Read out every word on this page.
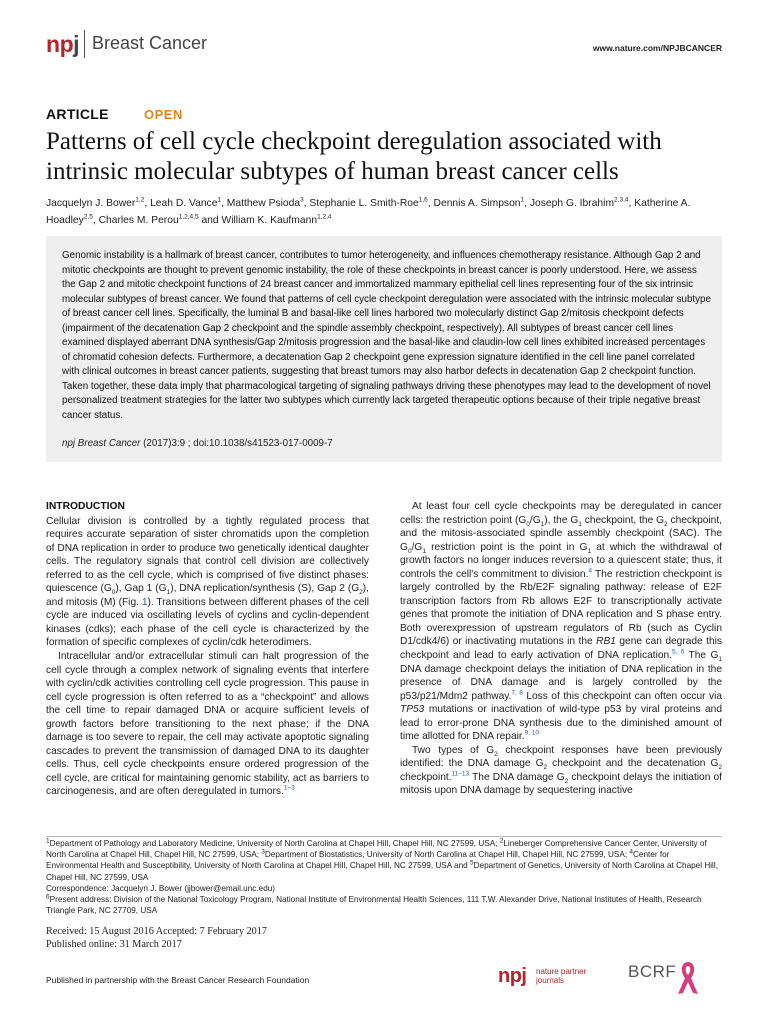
npj Breast Cancer	www.nature.com/NPJBCANCER
ARTICLE	OPEN
Patterns of cell cycle checkpoint deregulation associated with intrinsic molecular subtypes of human breast cancer cells
Jacquelyn J. Bower$^{1,2}$, Leah D. Vance$^1$, Matthew Psioda$^3$, Stephanie L. Smith-Roe$^{1,6}$, Dennis A. Simpson$^1$, Joseph G. Ibrahim$^{2,3,4}$, Katherine A. Hoadley$^{2,5}$, Charles M. Perou$^{1,2,4,5}$ and William K. Kaufmann$^{1,2,4}$
Genomic instability is a hallmark of breast cancer, contributes to tumor heterogeneity, and influences chemotherapy resistance. Although Gap 2 and mitotic checkpoints are thought to prevent genomic instability, the role of these checkpoints in breast cancer is poorly understood. Here, we assess the Gap 2 and mitotic checkpoint functions of 24 breast cancer and immortalized mammary epithelial cell lines representing four of the six intrinsic molecular subtypes of breast cancer. We found that patterns of cell cycle checkpoint deregulation were associated with the intrinsic molecular subtype of breast cancer cell lines. Specifically, the luminal B and basal-like cell lines harbored two molecularly distinct Gap 2/mitosis checkpoint defects (impairment of the decatenation Gap 2 checkpoint and the spindle assembly checkpoint, respectively). All subtypes of breast cancer cell lines examined displayed aberrant DNA synthesis/Gap 2/mitosis progression and the basal-like and claudin-low cell lines exhibited increased percentages of chromatid cohesion defects. Furthermore, a decatenation Gap 2 checkpoint gene expression signature identified in the cell line panel correlated with clinical outcomes in breast cancer patients, suggesting that breast tumors may also harbor defects in decatenation Gap 2 checkpoint function. Taken together, these data imply that pharmacological targeting of signaling pathways driving these phenotypes may lead to the development of novel personalized treatment strategies for the latter two subtypes which currently lack targeted therapeutic options because of their triple negative breast cancer status.
npj Breast Cancer (2017)3:9 ; doi:10.1038/s41523-017-0009-7
INTRODUCTION

Cellular division is controlled by a tightly regulated process that requires accurate separation of sister chromatids upon the completion of DNA replication in order to produce two genetically identical daughter cells. The regulatory signals that control cell division are collectively referred to as the cell cycle, which is comprised of five distinct phases: quiescence $(G_0)$, Gap 1 $(G_1)$, DNA replication/synthesis (S), Gap 2 $(G_2)$, and mitosis (M) (Fig. 1). Transitions between different phases of the cell cycle are induced via oscillating levels of cyclins and cyclin-dependent kinases (cdks); each phase of the cell cycle is characterized by the formation of specific complexes of cyclin/cdk heterodimers.

Intracellular and/or extracellular stimuli can halt progression of the cell cycle through a complex network of signaling events that interfere with cyclin/cdk activities controlling cell cycle progression. This pause in cell cycle progression is often referred to as a “checkpoint” and allows the cell time to repair damaged DNA or acquire sufficient levels of growth factors before transitioning to the next phase; if the DNA damage is too severe to repair, the cell may activate apoptotic signaling cascades to prevent the transmission of damaged DNA to its daughter cells. Thus, cell cycle checkpoints ensure ordered progression of the cell cycle, are critical for maintaining genomic stability, act as barriers to carcinogenesis, and are often deregulated in tumors.$^{1-3}$

At least four cell cycle checkpoints may be deregulated in cancer cells: the restriction point $(G_0/G_1)$, the $G_1$ checkpoint, the $G_2$ checkpoint, and the mitosis-associated spindle assembly checkpoint (SAC). The $G_0/G_1$ restriction point is the point in $G_1$ at which the withdrawal of growth factors no longer induces reversion to a quiescent state; thus, it controls the cell's commitment to division.$^4$ The restriction checkpoint is largely controlled by the Rb/E2F signaling pathway: release of E2F transcription factors from Rb allows E2F to transcriptionally activate genes that promote the initiation of DNA replication and S phase entry. Both overexpression of upstream regulators of Rb (such as Cyclin D1/cdk4/6) or inactivating mutations in the RB1 gene can degrade this checkpoint and lead to early activation of DNA replication.$^{5, 6}$ The $G_1$ DNA damage checkpoint delays the initiation of DNA replication in the presence of DNA damage and is largely controlled by the p53/p21/Mdm2 pathway.$^{7, 8}$ Loss of this checkpoint can often occur via TP53 mutations or inactivation of wild-type p53 by viral proteins and lead to error-prone DNA synthesis due to the diminished amount of time allotted for DNA repair.$^{9, 10}$

Two types of $G_2$ checkpoint responses have been previously identified: the DNA damage $G_2$ checkpoint and the decatenation $G_2$ checkpoint.$^{11-13}$ The DNA damage $G_2$ checkpoint delays the initiation of mitosis upon DNA damage by sequestering inactive

$^1$Department of Pathology and Laboratory Medicine, University of North Carolina at Chapel Hill, Chapel Hill, NC 27599, USA; $^2$Lineberger Comprehensive Cancer Center, University of North Carolina at Chapel Hill, Chapel Hill, NC 27599, USA; $^3$Department of Biostatistics, University of North Carolina at Chapel Hill, Chapel Hill, NC 27599, USA; $^4$Center for Environmental Health and Susceptibility, University of North Carolina at Chapel Hill, Chapel Hill, NC 27599, USA and $^5$Department of Genetics, University of North Carolina at Chapel Hill, Chapel Hill, NC 27599, USA

Correspondence: Jacquelyn J. Bower (jjbower@email.unc.edu)

$^6$Present address: Division of the National Toxicology Program, National Institute of Environmental Health Sciences, 111 T.W. Alexander Drive, National Institutes of Health, Research Triangle Park, NC 27709, USA

Received: 15 August 2016 Accepted: 7 February 2017

Published online: 31 March 2017

Published in partnership with the Breast Cancer Research Foundation	npj nature partner
journals	BCRF
